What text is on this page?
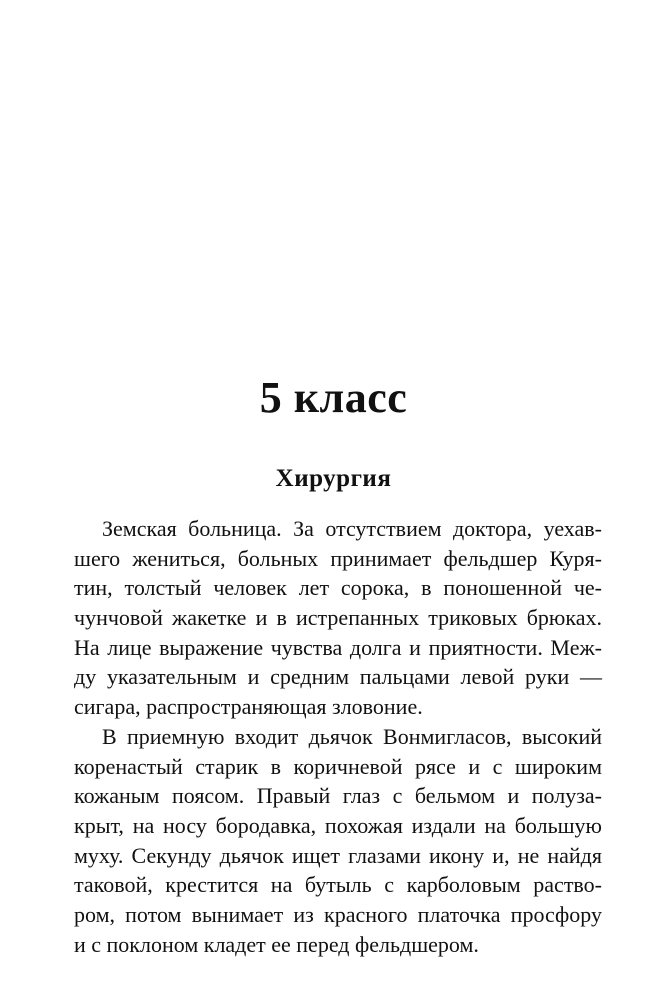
5 класс
Хирургия
Земская больница. За отсутствием доктора, уехав-
шего жениться, больных принимает фельдшер Куря-
тин, толстый человек лет сорока, в поношенной че-
чунчовой жакетке и в истрепанных триковых брюках.
На лице выражение чувства долга и приятности. Меж-
ду указательным и средним пальцами левой руки —
сигара, распространяющая зловоние.
В приемную входит дьячок Вонмигласов, высокий
коренастый старик в коричневой рясе и с широким
кожаным поясом. Правый глаз с бельмом и полуза-
крыт, на носу бородавка, похожая издали на большую
муху. Секунду дьячок ищет глазами икону и, не найдя
таковой, крестится на бутыль с карболовым раство-
ром, потом вынимает из красного платочка просфору
и с поклоном кладет ее перед фельдшером.
